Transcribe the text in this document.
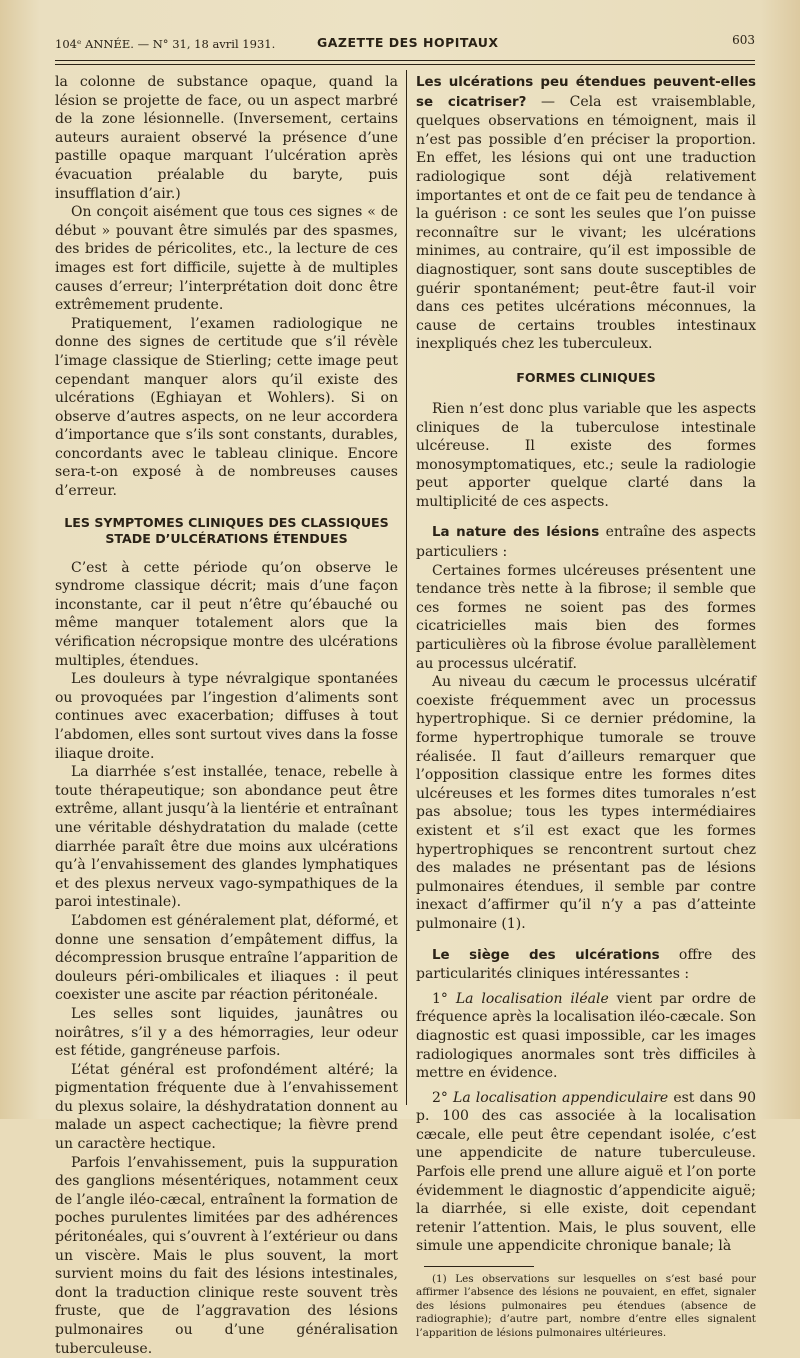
104ᵉ ANNÉE. — N° 31, 18 avril 1931.	GAZETTE DES HOPITAUX	603

la colonne de substance opaque, quand la lésion se projette de face, ou un aspect marbré de la zone lésionnelle. (Inversement, certains auteurs auraient observé la présence d’une pastille opaque marquant l’ulcération après évacuation préalable du baryte, puis insufflation d’air.)

On conçoit aisément que tous ces signes « de début » pouvant être simulés par des spasmes, des brides de péricolites, etc., la lecture de ces images est fort difficile, sujette à de multiples causes d’erreur; l’interprétation doit donc être extrêmement prudente.

Pratiquement, l’examen radiologique ne donne des signes de certitude que s’il révèle l’image classique de Stierling; cette image peut cependant manquer alors qu’il existe des ulcérations (Eghiayan et Wohlers). Si on observe d’autres aspects, on ne leur accordera d’importance que s’ils sont constants, durables, concordants avec le tableau clinique. Encore sera-t-on exposé à de nombreuses causes d’erreur.

LES SYMPTOMES CLINIQUES DES CLASSIQUES
STADE D’ULCÉRATIONS ÉTENDUES

C’est à cette période qu’on observe le syndrome classique décrit; mais d’une façon inconstante, car il peut n’être qu’ébauché ou même manquer totalement alors que la vérification nécropsique montre des ulcérations multiples, étendues.

Les douleurs à type névralgique spontanées ou provoquées par l’ingestion d’aliments sont continues avec exacerbation; diffuses à tout l’abdomen, elles sont surtout vives dans la fosse iliaque droite.

La diarrhée s’est installée, tenace, rebelle à toute thérapeutique; son abondance peut être extrême, allant jusqu’à la lientérie et entraînant une véritable déshydratation du malade (cette diarrhée paraît être due moins aux ulcérations qu’à l’envahissement des glandes lymphatiques et des plexus nerveux vago-sympathiques de la paroi intestinale).

L’abdomen est généralement plat, déformé, et donne une sensation d’empâtement diffus, la décompression brusque entraîne l’apparition de douleurs péri-ombilicales et iliaques : il peut coexister une ascite par réaction péritonéale.

Les selles sont liquides, jaunâtres ou noirâtres, s’il y a des hémorragies, leur odeur est fétide, gangréneuse parfois.

L’état général est profondément altéré; la pigmentation fréquente due à l’envahissement du plexus solaire, la déshydratation donnent au malade un aspect cachectique; la fièvre prend un caractère hectique.

Parfois l’envahissement, puis la suppuration des ganglions mésentériques, notamment ceux de l’angle iléo-cæcal, entraînent la formation de poches purulentes limitées par des adhérences péritonéales, qui s’ouvrent à l’extérieur ou dans un viscère. Mais le plus souvent, la mort survient moins du fait des lésions intestinales, dont la traduction clinique reste souvent très fruste, que de l’aggravation des lésions pulmonaires ou d’une généralisation tuberculeuse.

Les ulcérations peu étendues peuvent-elles se cicatriser? — Cela est vraisemblable, quelques observations en témoignent, mais il n’est pas possible d’en préciser la proportion. En effet, les lésions qui ont une traduction radiologique sont déjà relativement importantes et ont de ce fait peu de tendance à la guérison : ce sont les seules que l’on puisse reconnaître sur le vivant; les ulcérations minimes, au contraire, qu’il est impossible de diagnostiquer, sont sans doute susceptibles de guérir spontanément; peut-être faut-il voir dans ces petites ulcérations méconnues, la cause de certains troubles intestinaux inexpliqués chez les tuberculeux.

FORMES CLINIQUES

Rien n’est donc plus variable que les aspects cliniques de la tuberculose intestinale ulcéreuse. Il existe des formes monosymptomatiques, etc.; seule la radiologie peut apporter quelque clarté dans la multiplicité de ces aspects.

La nature des lésions entraîne des aspects particuliers :

Certaines formes ulcéreuses présentent une tendance très nette à la fibrose; il semble que ces formes ne soient pas des formes cicatricielles mais bien des formes particulières où la fibrose évolue parallèlement au processus ulcératif.

Au niveau du cæcum le processus ulcératif coexiste fréquemment avec un processus hypertrophique. Si ce dernier prédomine, la forme hypertrophique tumorale se trouve réalisée. Il faut d’ailleurs remarquer que l’opposition classique entre les formes dites ulcéreuses et les formes dites tumorales n’est pas absolue; tous les types intermédiaires existent et s’il est exact que les formes hypertrophiques se rencontrent surtout chez des malades ne présentant pas de lésions pulmonaires étendues, il semble par contre inexact d’affirmer qu’il n’y a pas d’atteinte pulmonaire (1).

Le siège des ulcérations offre des particularités cliniques intéressantes :

1° La localisation iléale vient par ordre de fréquence après la localisation iléo-cæcale. Son diagnostic est quasi impossible, car les images radiologiques anormales sont très difficiles à mettre en évidence.

2° La localisation appendiculaire est dans 90 p. 100 des cas associée à la localisation cæcale, elle peut être cependant isolée, c’est une appendicite de nature tuberculeuse. Parfois elle prend une allure aiguë et l’on porte évidemment le diagnostic d’appendicite aiguë; la diarrhée, si elle existe, doit cependant retenir l’attention. Mais, le plus souvent, elle simule une appendicite chronique banale; là

(1) Les observations sur lesquelles on s’est basé pour affirmer l’absence des lésions ne pouvaient, en effet, signaler des lésions pulmonaires peu étendues (absence de radiographie); d’autre part, nombre d’entre elles signalent l’apparition de lésions pulmonaires ultérieures.
